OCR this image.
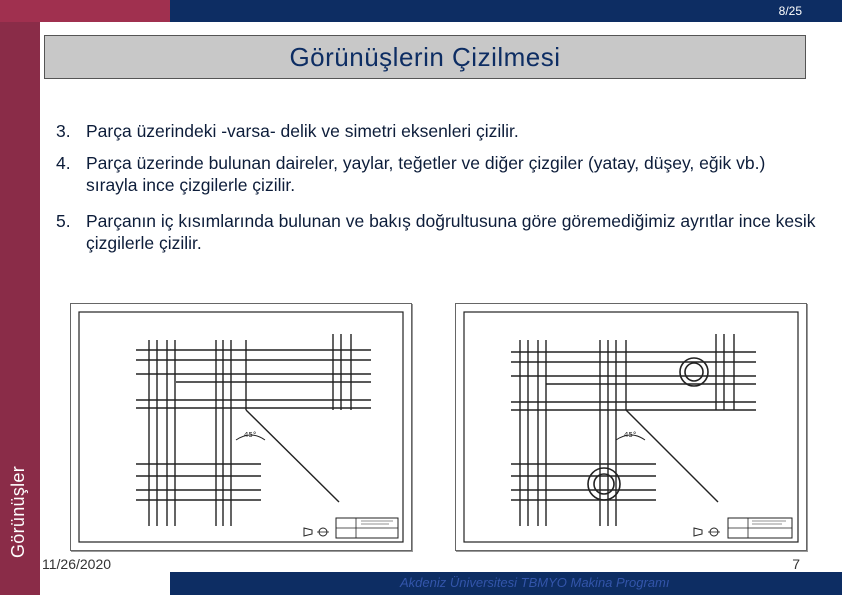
8/25
Görünüşler
Görünüşlerin Çizilmesi
3. Parça üzerindeki -varsa- delik ve simetri eksenleri çizilir.
4. Parça üzerinde bulunan daireler, yaylar, teğetler ve diğer çizgiler (yatay, düşey, eğik vb.) sırayla ince çizgilerle çizilir.
5. Parçanın iç kısımlarında bulunan ve bakış doğrultusuna göre göremediğimiz ayrıtlar ince kesik çizgilerle çizilir.
45°	45°
11/26/2020	7
Akdeniz Üniversitesi TBMYO Makina Programı
